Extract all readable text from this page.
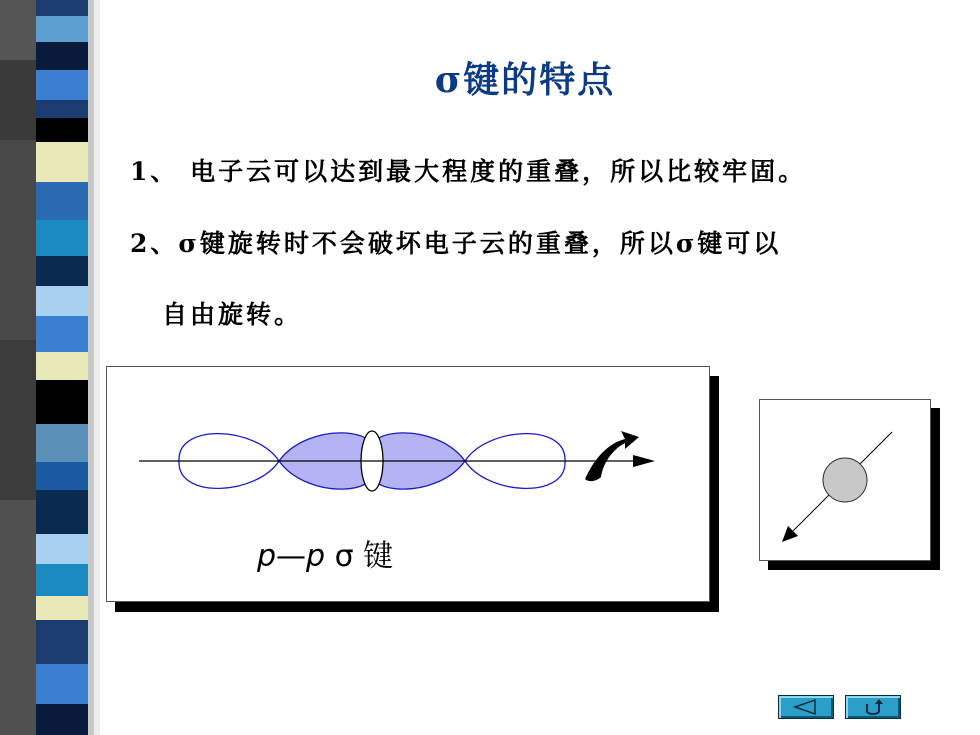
σ键的特点
1、 电子云可以达到最大程度的重叠，所以比较牢固。
2、σ键旋转时不会破坏电子云的重叠，所以σ键可以
自由旋转。
p—p σ 键
